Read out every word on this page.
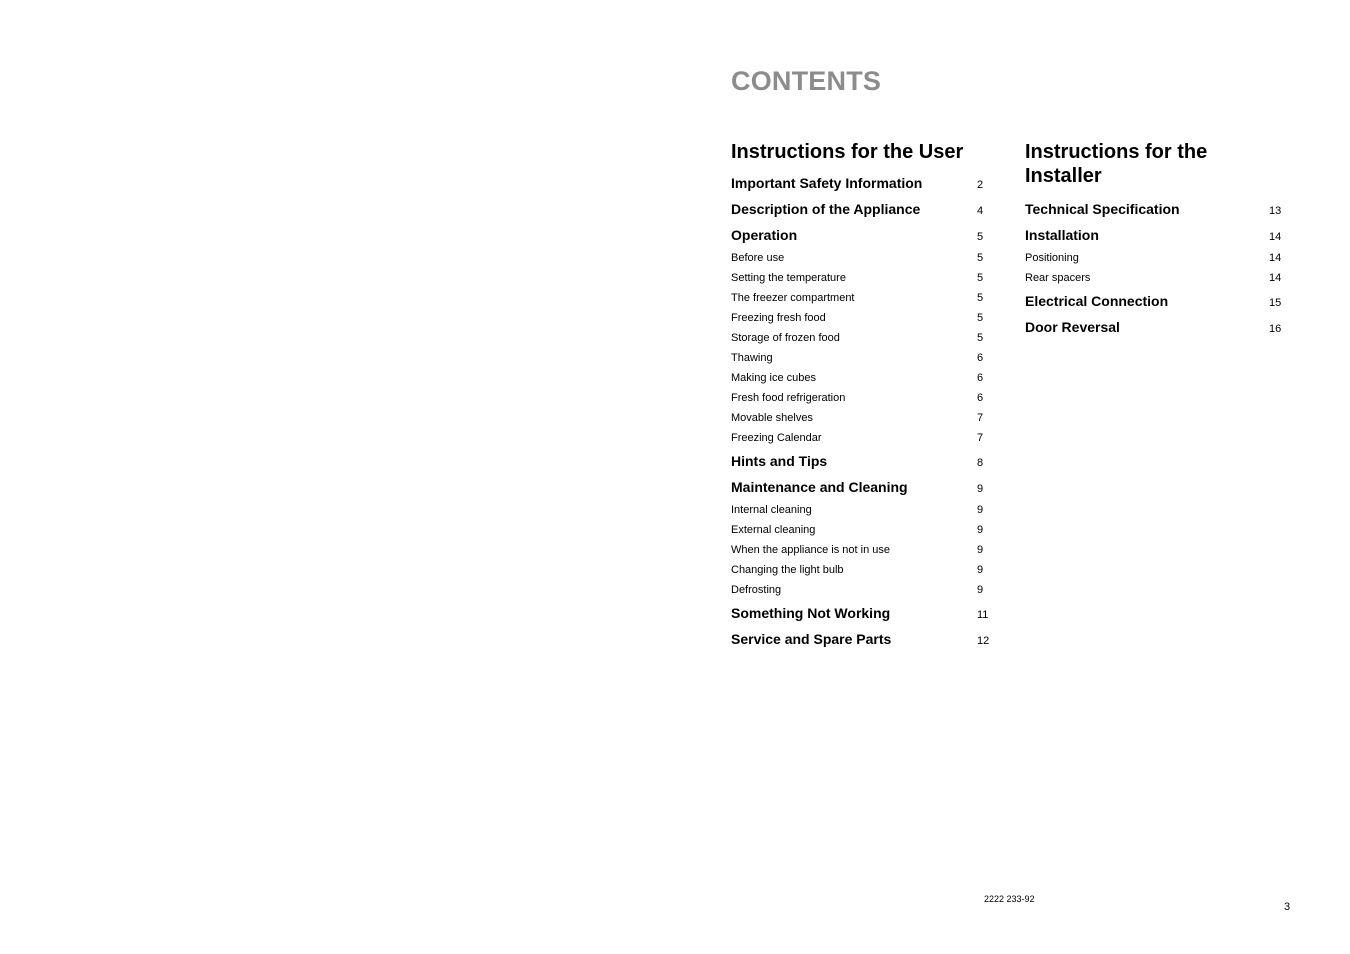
CONTENTS
Instructions for the User
Important Safety Information	2
Description of the Appliance	4
Operation	5
Before use	5
Setting the temperature	5
The freezer compartment	5
Freezing fresh food	5
Storage of frozen food	5
Thawing	6
Making ice cubes	6
Fresh food refrigeration	6
Movable shelves	7
Freezing Calendar	7
Hints and Tips	8
Maintenance and Cleaning	9
Internal cleaning	9
External cleaning	9
When the appliance is not in use	9
Changing the light bulb	9
Defrosting	9
Something Not Working	11
Service and Spare Parts	12
Instructions for the Installer
Technical Specification	13
Installation	14
Positioning	14
Rear spacers	14
Electrical Connection	15
Door Reversal	16
2222 233-92
3
